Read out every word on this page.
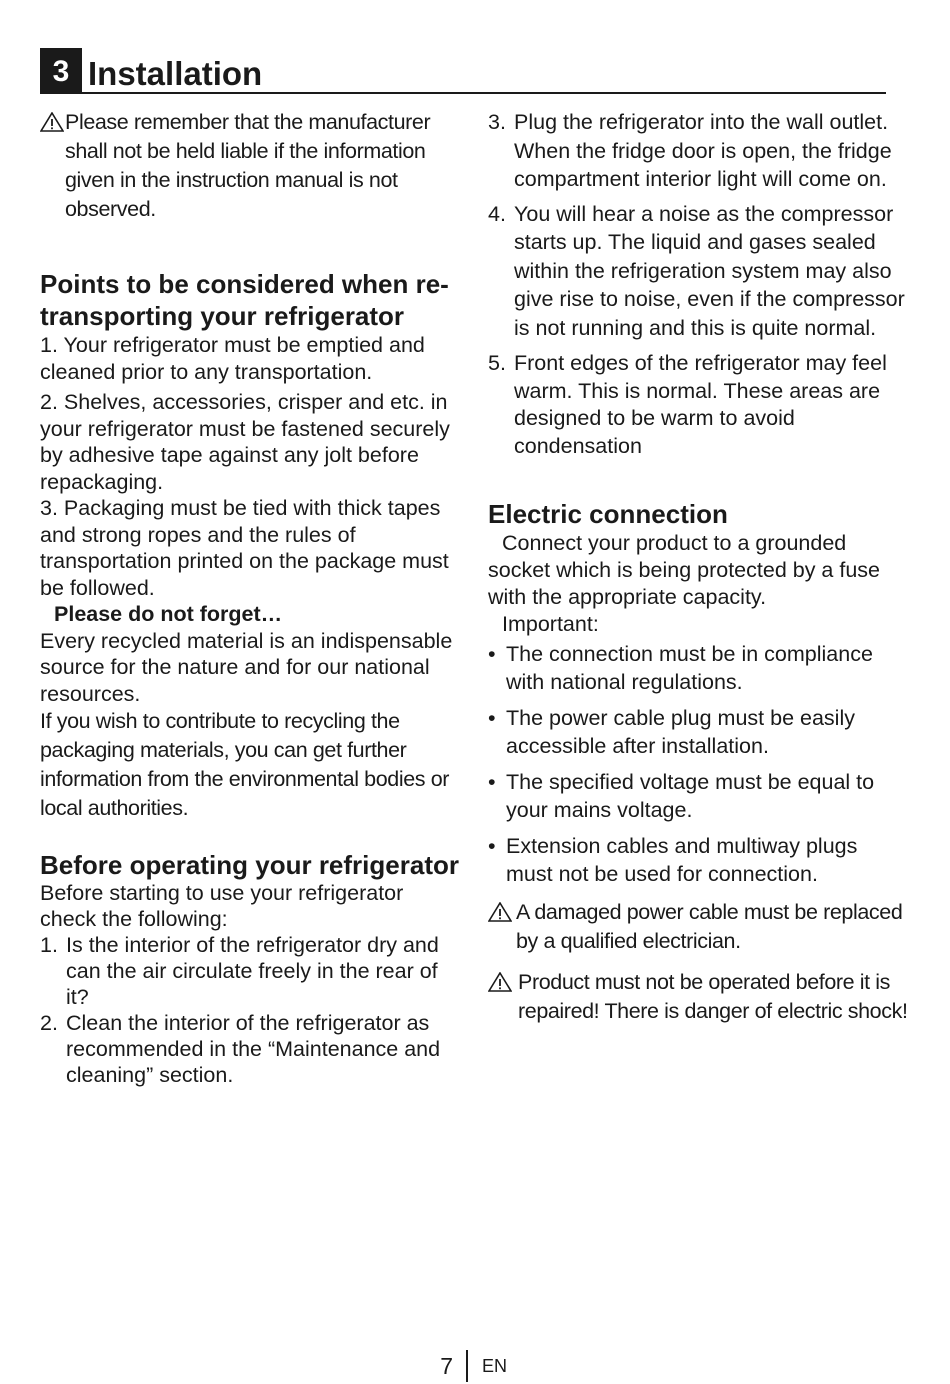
3 Installation
Please remember that the manufacturer shall not be held liable if the information given in the instruction manual is not observed.
Points to be considered when re-transporting your refrigerator

1. Your refrigerator must be emptied and cleaned prior to any transportation.

2. Shelves, accessories, crisper and etc. in your refrigerator must be fastened securely by adhesive tape against any jolt before repackaging.

3. Packaging must be tied with thick tapes and strong ropes and the rules of transportation printed on the package must be followed.

Please do not forget…

Every recycled material is an indispensable source for the nature and for our national resources.

If you wish to contribute to recycling the packaging materials, you can get further information from the environmental bodies or local authorities.

Before operating your refrigerator

Before starting to use your refrigerator check the following:

1. Is the interior of the refrigerator dry and can the air circulate freely in the rear of it?
2. Clean the interior of the refrigerator as recommended in the “Maintenance and cleaning” section.
3. Plug the refrigerator into the wall outlet. When the fridge door is open, the fridge compartment interior light will come on.
4. You will hear a noise as the compressor starts up. The liquid and gases sealed within the refrigeration system may also give rise to noise, even if the compressor is not running and this is quite normal.
5. Front edges of the refrigerator may feel warm. This is normal. These areas are designed to be warm to avoid condensation
Electric connection

Connect your product to a grounded socket which is being protected by a fuse with the appropriate capacity.

Important:

• The connection must be in compliance with national regulations.
• The power cable plug must be easily accessible after installation.
• The specified voltage must be equal to your mains voltage.
• Extension cables and multiway plugs must not be used for connection.
A damaged power cable must be replaced by a qualified electrician.
Product must not be operated before it is repaired! There is danger of electric shock!
7 EN
